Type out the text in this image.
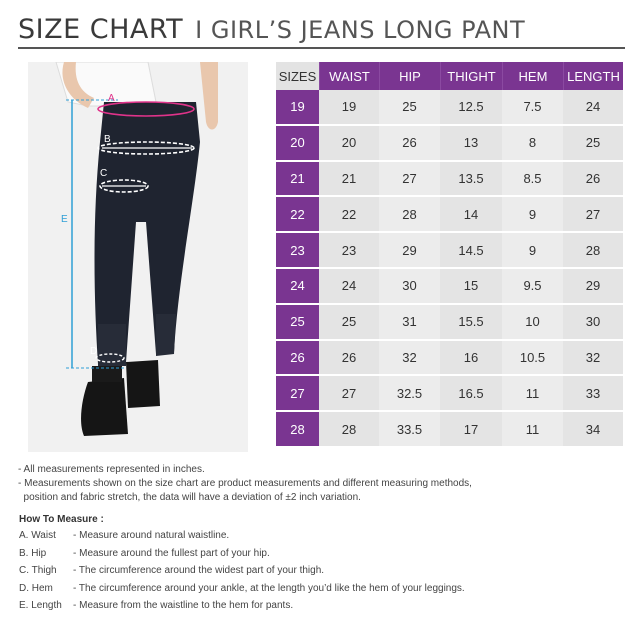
SIZE CHART I GIRL’S JEANS LONG PANT
A
B
C
D
E
SIZES	WAIST	HIP	THIGHT	HEM	LENGTH
19	19	25	12.5	7.5	24
20	20	26	13	8	25
21	21	27	13.5	8.5	26
22	22	28	14	9	27
23	23	29	14.5	9	28
24	24	30	15	9.5	29
25	25	31	15.5	10	30
26	26	32	16	10.5	32
27	27	32.5	16.5	11	33
28	28	33.5	17	11	34

- All measurements represented in inches.

- Measurements shown on the size chart are product measurements and different measuring methods,

position and fabric stretch, the data will have a deviation of ±2 inch variation.

How To Measure :
A. Waist	- Measure around natural waistline.
B. Hip	- Measure around the fullest part of your hip.
C. Thigh	- The circumference around the widest part of your thigh.
D. Hem	- The circumference around your ankle, at the length you’d like the hem of your leggings.
E. Length	- Measure from the waistline to the hem for pants.
